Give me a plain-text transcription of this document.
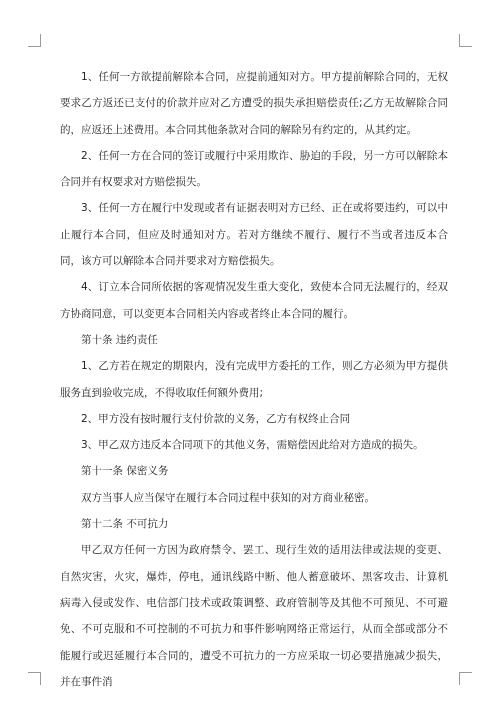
1、任何一方欲提前解除本合同，应提前通知对方。甲方提前解除合同的，无权要求乙方返还已支付的价款并应对乙方遭受的损失承担赔偿责任;乙方无故解除合同的，应返还上述费用。本合同其他条款对合同的解除另有约定的，从其约定。

2、任何一方在合同的签订或履行中采用欺诈、胁迫的手段，另一方可以解除本合同并有权要求对方赔偿损失。

3、任何一方在履行中发现或者有证据表明对方已经、正在或将要违约，可以中止履行本合同，但应及时通知对方。若对方继续不履行、履行不当或者违反本合同，该方可以解除本合同并要求对方赔偿损失。

4、订立本合同所依据的客观情况发生重大变化，致使本合同无法履行的，经双方协商同意，可以变更本合同相关内容或者终止本合同的履行。

第十条 违约责任

1、乙方若在规定的期限内，没有完成甲方委托的工作，则乙方必须为甲方提供服务直到验收完成，不得收取任何额外费用;

2、甲方没有按时履行支付价款的义务，乙方有权终止合同

3、甲乙双方违反本合同项下的其他义务，需赔偿因此给对方造成的损失。

第十一条 保密义务

双方当事人应当保守在履行本合同过程中获知的对方商业秘密。

第十二条 不可抗力

甲乙双方任何一方因为政府禁令、罢工、现行生效的适用法律或法规的变更、自然灾害，火灾，爆炸，停电，通讯线路中断、他人蓄意破坏、黑客攻击、计算机病毒入侵或发作、电信部门技术或政策调整、政府管制等及其他不可预见、不可避免、不可克服和不可控制的不可抗力和事件影响网络正常运行，从而全部或部分不能履行或迟延履行本合同的，遭受不可抗力的一方应采取一切必要措施减少损失，并在事件消
